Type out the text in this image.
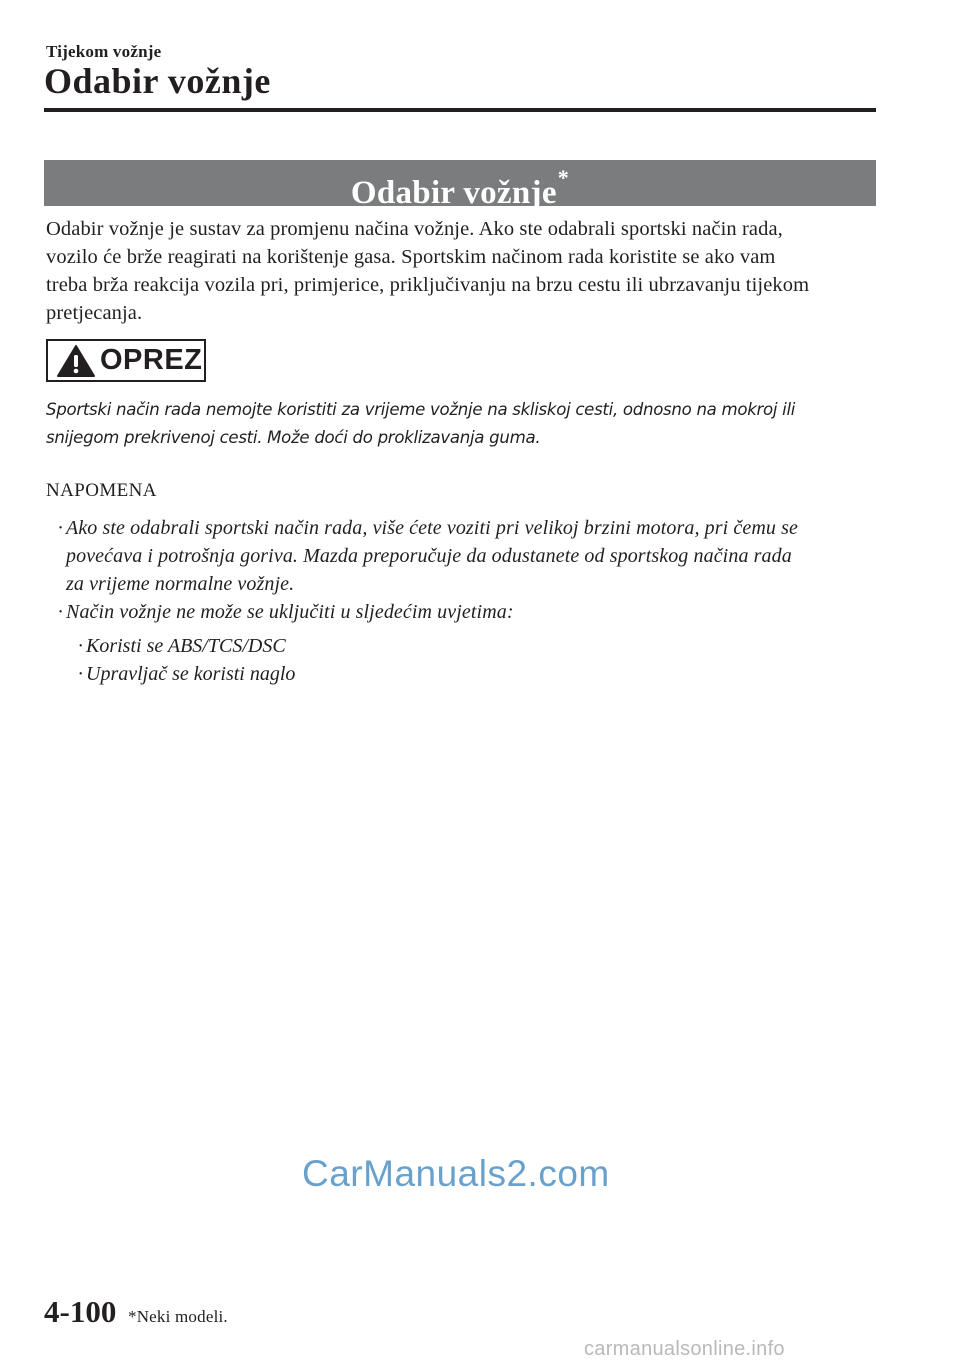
Tijekom vožnje
Odabir vožnje
Odabir vožnje*

Odabir vožnje je sustav za promjenu načina vožnje. Ako ste odabrali sportski način rada,
vozilo će brže reagirati na korištenje gasa. Sportskim načinom rada koristite se ako vam
treba brža reakcija vozila pri, primjerice, priključivanju na brzu cestu ili ubrzavanju tijekom
pretjecanja.

OPREZ

Sportski način rada nemojte koristiti za vrijeme vožnje na skliskoj cesti, odnosno na mokroj ili
snijegom prekrivenoj cesti. Može doći do proklizavanja guma.

NAPOMENA
· Ako ste odabrali sportski način rada, više ćete voziti pri velikoj brzini motora, pri čemu se
povećava i potrošnja goriva. Mazda preporučuje da odustanete od sportskog načina rada
za vrijeme normalne vožnje.
· Način vožnje ne može se uključiti u sljedećim uvjetima:
· Koristi se ABS/TCS/DSC
· Upravljač se koristi naglo
CarManuals2.com
4-100 *Neki modeli.
carmanualsonline.info
